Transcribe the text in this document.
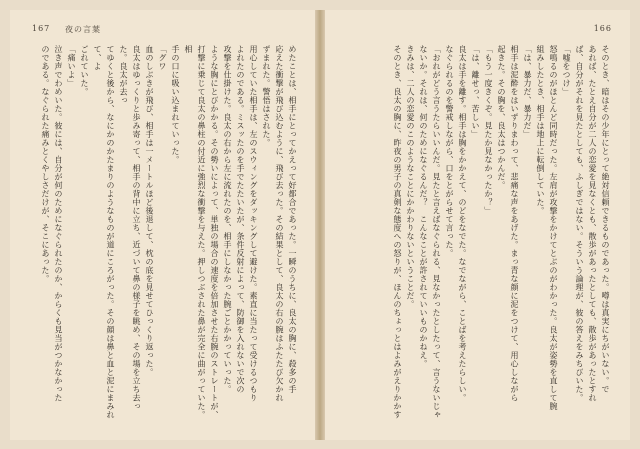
167 夜の言葉
めたことは、相手にとってかえって好都合であった。一瞬のうちに、良太の胸に、殺多の手
応えた衝撃が飛び込むように、飛び去った。その結果として、良太の右の腕はふたたび欠かれ
ずまれた。警悟はされた。
用心していた相手は、左のスウィングをダッキングして避けた。素直に当たって受けるつもり
よれたのである。ミスッたのを手でたたいたが、条件反射によって、防御を入れないで次の
攻撃を仕掛けた。良太の右から左に流れたのを、相手にしなかった腕ごとかかっていった。
ような胸にとびかかる。その勢いによって、単独の場合の速度を倍加させた右腕のストレートが、
打撃に乗じて良太の鼻柱の付近に強烈な衝撃を与えた。押しつぶされた鼻が完全に曲がっていた。相
手の口に吸い込まれていった。
「グワ
血のしぶきが飛び、相手は一メートルほど後退して、枕の底を見せてひっくり返った。
良太はゆっくりと歩み寄って、相手の背中に立ち、近づいて鼻の様子を眺め、その場を立ち去った。良太が去っ
てゆくと後から、なにかのかたまりのようなものが道にころがった。その顔は鼻と血と泥にまみれて、よ
ごれていた。
「痛いよ」
泣き声でわめいた。彼には、自分が何のためになぐられたのか、からくも見当がつかなかった
のである。なぐられた痛みとくやしさだけが、そこにあった。
166
そのとき、暗はその少年にとって絶対信頼できるものであった。噂は真実にちがいない。で
あれば、たとえ自分が二人の恋愛を見なくとも、散歩があったとしても、散歩があったとすれ
ば、自分がそれを見たとしても、ふしぎではない。そういう論理が、彼の答えをみちびいた。
「嘘をつけ」
怒鳴るのがほとんど同時だった。左肩が攻撃をかけてとぶのがわかった。良太が姿勢を直して腕
組みしたとき、相手は地上に転倒していた。
「は、暴力だ、暴力だ」
相手は泥酔をはいずりまわって、悲痛な声をあげた。まっ青な顔に泥をつけて、用心しながら
起きた。その胸を、良太はつかんだ。
「もう一度きくぞ。見たか見なかったか？」
「は、離せっ、苦しい」
良太は手を離す。相手は胸をかかえて、のどをなでた。なでながら、ことばを考えたらしい。
なぐられるのを警戒しながら、口をとがらせて言った。
「おれがどう言うたらいいんだ。見たと言えばなぐられる、見なかったとしたって、言うないじゃ
ないか。それは、何のためになぐるんだ？　こんなことが許されていいものかねえ。
きみは、二人の恋愛のこのようなことにかかわりないということだ。
そのとき、良太の胸に、昨夜の男子の真剣な態度への怒りが、ほんのちょっとはよみがえりかかす
